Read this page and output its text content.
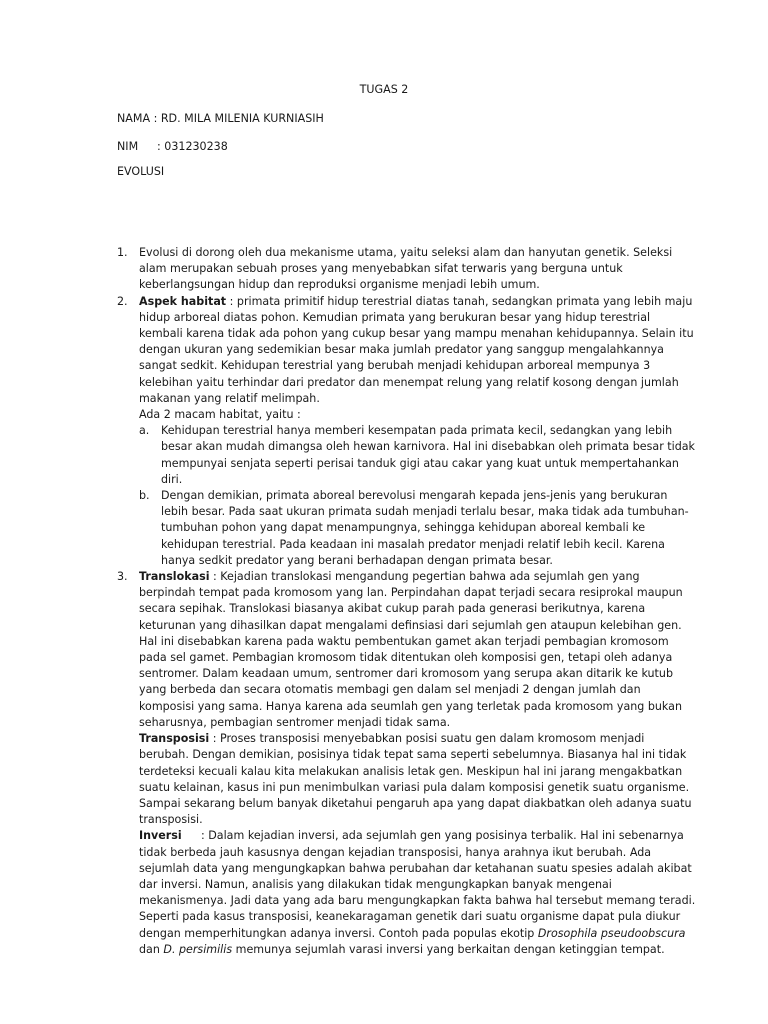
TUGAS 2
NAMA : RD. MILA MILENIA KURNIASIH
NIM : 031230238
EVOLUSI
1.	Evolusi di dorong oleh dua mekanisme utama, yaitu seleksi alam dan hanyutan genetik. Seleksi alam merupakan sebuah proses yang menyebabkan sifat terwaris yang berguna untuk keberlangsungan hidup dan reproduksi organisme menjadi lebih umum.

2.	Aspek habitat : primata primitif hidup terestrial diatas tanah, sedangkan primata yang lebih maju hidup arboreal diatas pohon. Kemudian primata yang berukuran besar yang hidup terestrial kembali karena tidak ada pohon yang cukup besar yang mampu menahan kehidupannya. Selain itu dengan ukuran yang sedemikian besar maka jumlah predator yang sanggup mengalahkannya sangat sedkit. Kehidupan terestrial yang berubah menjadi kehidupan arboreal mempunya 3 kelebihan yaitu terhindar dari predator dan menempat relung yang relatif kosong dengan jumlah makanan yang relatif melimpah.

Ada 2 macam habitat, yaitu :

a.	Kehidupan terestrial hanya memberi kesempatan pada primata kecil, sedangkan yang lebih besar akan mudah dimangsa oleh hewan karnivora. Hal ini disebabkan oleh primata besar tidak mempunyai senjata seperti perisai tanduk gigi atau cakar yang kuat untuk mempertahankan diri.
b.	Dengan demikian, primata aboreal berevolusi mengarah kepada jens-jenis yang berukuran lebih besar. Pada saat ukuran primata sudah menjadi terlalu besar, maka tidak ada tumbuhan-tumbuhan pohon yang dapat menampungnya, sehingga kehidupan aboreal kembali ke kehidupan terestrial. Pada keadaan ini masalah predator menjadi relatif lebih kecil. Karena hanya sedkit predator yang berani berhadapan dengan primata besar.
3.	Translokasi : Kejadian translokasi mengandung pegertian bahwa ada sejumlah gen yang berpindah tempat pada kromosom yang lan. Perpindahan dapat terjadi secara resiprokal maupun secara sepihak. Translokasi biasanya akibat cukup parah pada generasi berikutnya, karena keturunan yang dihasilkan dapat mengalami definsiasi dari sejumlah gen ataupun kelebihan gen. Hal ini disebabkan karena pada waktu pembentukan gamet akan terjadi pembagian kromosom pada sel gamet. Pembagian kromosom tidak ditentukan oleh komposisi gen, tetapi oleh adanya sentromer. Dalam keadaan umum, sentromer dari kromosom yang serupa akan ditarik ke kutub yang berbeda dan secara otomatis membagi gen dalam sel menjadi 2 dengan jumlah dan komposisi yang sama. Hanya karena ada seumlah gen yang terletak pada kromosom yang bukan seharusnya, pembagian sentromer menjadi tidak sama.

Transposisi : Proses transposisi menyebabkan posisi suatu gen dalam kromosom menjadi berubah. Dengan demikian, posisinya tidak tepat sama seperti sebelumnya. Biasanya hal ini tidak terdeteksi kecuali kalau kita melakukan analisis letak gen. Meskipun hal ini jarang mengakbatkan suatu kelainan, kasus ini pun menimbulkan variasi pula dalam komposisi genetik suatu organisme. Sampai sekarang belum banyak diketahui pengaruh apa yang dapat diakbatkan oleh adanya suatu transposisi.

Inversi : Dalam kejadian inversi, ada sejumlah gen yang posisinya terbalik. Hal ini sebenarnya tidak berbeda jauh kasusnya dengan kejadian transposisi, hanya arahnya ikut berubah. Ada sejumlah data yang mengungkapkan bahwa perubahan dar ketahanan suatu spesies adalah akibat dar inversi. Namun, analisis yang dilakukan tidak mengungkapkan banyak mengenai mekanismenya. Jadi data yang ada baru mengungkapkan fakta bahwa hal tersebut memang teradi. Seperti pada kasus transposisi, keanekaragaman genetik dari suatu organisme dapat pula diukur dengan memperhitungkan adanya inversi. Contoh pada populas ekotip Drosophila pseudoobscura dan D. persimilis memunya sejumlah varasi inversi yang berkaitan dengan ketinggian tempat.
